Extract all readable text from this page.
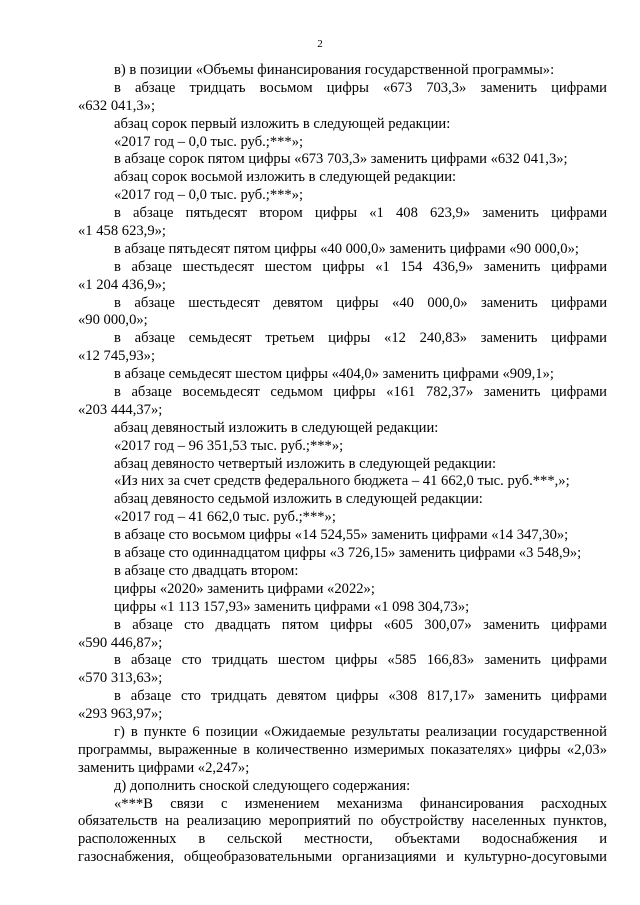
2
в) в позиции «Объемы финансирования государственной программы»:
в абзаце тридцать восьмом цифры «673 703,3» заменить цифрами
«632 041,3»;
абзац сорок первый изложить в следующей редакции:
«2017 год – 0,0 тыс. руб.;***»;
в абзаце сорок пятом цифры «673 703,3» заменить цифрами «632 041,3»;
абзац сорок восьмой изложить в следующей редакции:
«2017 год – 0,0 тыс. руб.;***»;
в абзаце пятьдесят втором цифры «1 408 623,9» заменить цифрами
«1 458 623,9»;
в абзаце пятьдесят пятом цифры «40 000,0» заменить цифрами «90 000,0»;
в абзаце шестьдесят шестом цифры «1 154 436,9» заменить цифрами
«1 204 436,9»;
в абзаце шестьдесят девятом цифры «40 000,0» заменить цифрами
«90 000,0»;
в абзаце семьдесят третьем цифры «12 240,83» заменить цифрами
«12 745,93»;
в абзаце семьдесят шестом цифры «404,0» заменить цифрами «909,1»;
в абзаце восемьдесят седьмом цифры «161 782,37» заменить цифрами
«203 444,37»;
абзац девяностый изложить в следующей редакции:
«2017 год – 96 351,53 тыс. руб.;***»;
абзац девяносто четвертый изложить в следующей редакции:
«Из них за счет средств федерального бюджета – 41 662,0 тыс. руб.***,»;
абзац девяносто седьмой изложить в следующей редакции:
«2017 год – 41 662,0 тыс. руб.;***»;
в абзаце сто восьмом цифры «14 524,55» заменить цифрами «14 347,30»;
в абзаце сто одиннадцатом цифры «3 726,15» заменить цифрами «3 548,9»;
в абзаце сто двадцать втором:
цифры «2020» заменить цифрами «2022»;
цифры «1 113 157,93» заменить цифрами «1 098 304,73»;
в абзаце сто двадцать пятом цифры «605 300,07» заменить цифрами
«590 446,87»;
в абзаце сто тридцать шестом цифры «585 166,83» заменить цифрами
«570 313,63»;
в абзаце сто тридцать девятом цифры «308 817,17» заменить цифрами
«293 963,97»;
г) в пункте 6 позиции «Ожидаемые результаты реализации государственной
программы, выраженные в количественно измеримых показателях» цифры «2,03»
заменить цифрами «2,247»;
д) дополнить сноской следующего содержания:
«***В связи с изменением механизма финансирования расходных
обязательств на реализацию мероприятий по обустройству населенных пунктов,
расположенных в сельской местности, объектами водоснабжения и
газоснабжения, общеобразовательными организациями и культурно-досуговыми
